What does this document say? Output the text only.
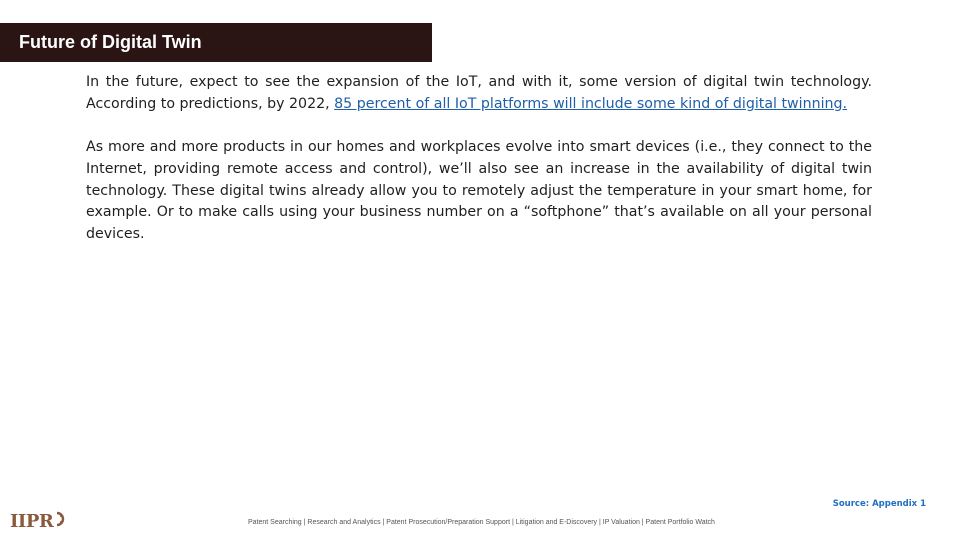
Future of Digital Twin

In the future, expect to see the expansion of the IoT, and with it, some version of digital twin technology. According to predictions, by 2022, 85 percent of all IoT platforms will include some kind of digital twinning.

As more and more products in our homes and workplaces evolve into smart devices (i.e., they connect to the Internet, providing remote access and control), we’ll also see an increase in the availability of digital twin technology. These digital twins already allow you to remotely adjust the temperature in your smart home, for example. Or to make calls using your business number on a “softphone” that’s available on all your personal devices.

Source: Appendix 1
IIPR	Patent Searching | Research and Analytics | Patent Prosecution/Preparation Support | Litigation and E-Discovery | IP Valuation | Patent Portfolio Watch
